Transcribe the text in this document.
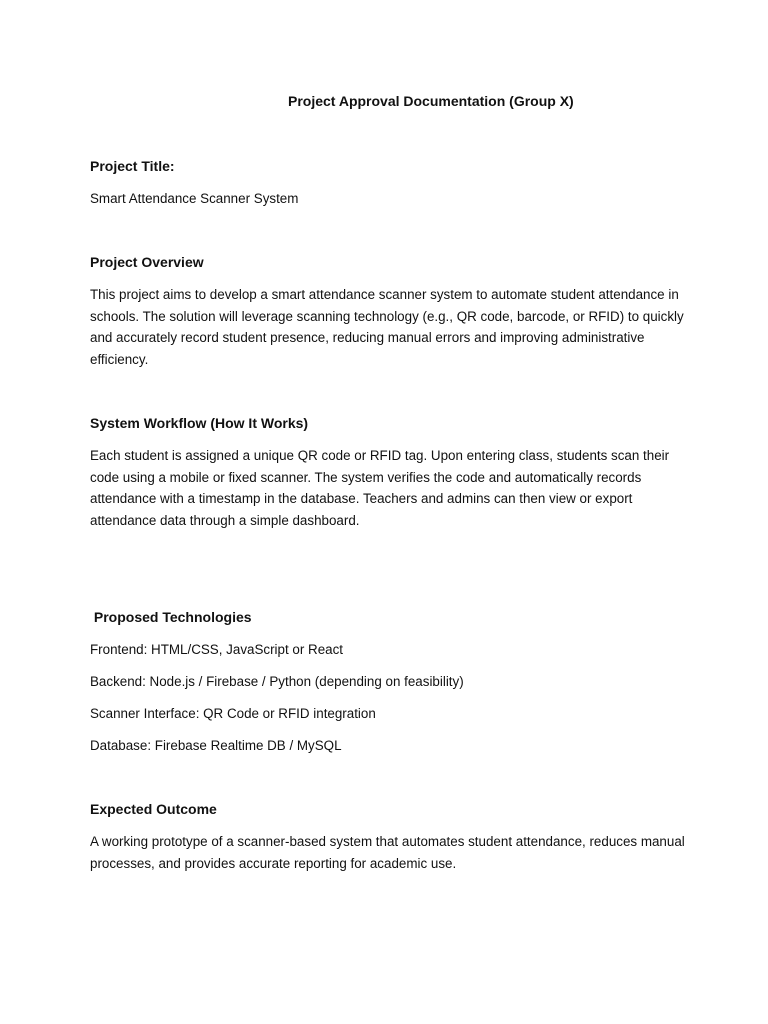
Project Approval Documentation (Group X)
Project Title:
Smart Attendance Scanner System
Project Overview

This project aims to develop a smart attendance scanner system to automate student attendance in schools. The solution will leverage scanning technology (e.g., QR code, barcode, or RFID) to quickly and accurately record student presence, reducing manual errors and improving administrative efficiency.

System Workflow (How It Works)

Each student is assigned a unique QR code or RFID tag. Upon entering class, students scan their code using a mobile or fixed scanner. The system verifies the code and automatically records attendance with a timestamp in the database. Teachers and admins can then view or export attendance data through a simple dashboard.

Proposed Technologies
Frontend: HTML/CSS, JavaScript or React
Backend: Node.js / Firebase / Python (depending on feasibility)
Scanner Interface: QR Code or RFID integration
Database: Firebase Realtime DB / MySQL
Expected Outcome

A working prototype of a scanner-based system that automates student attendance, reduces manual processes, and provides accurate reporting for academic use.
